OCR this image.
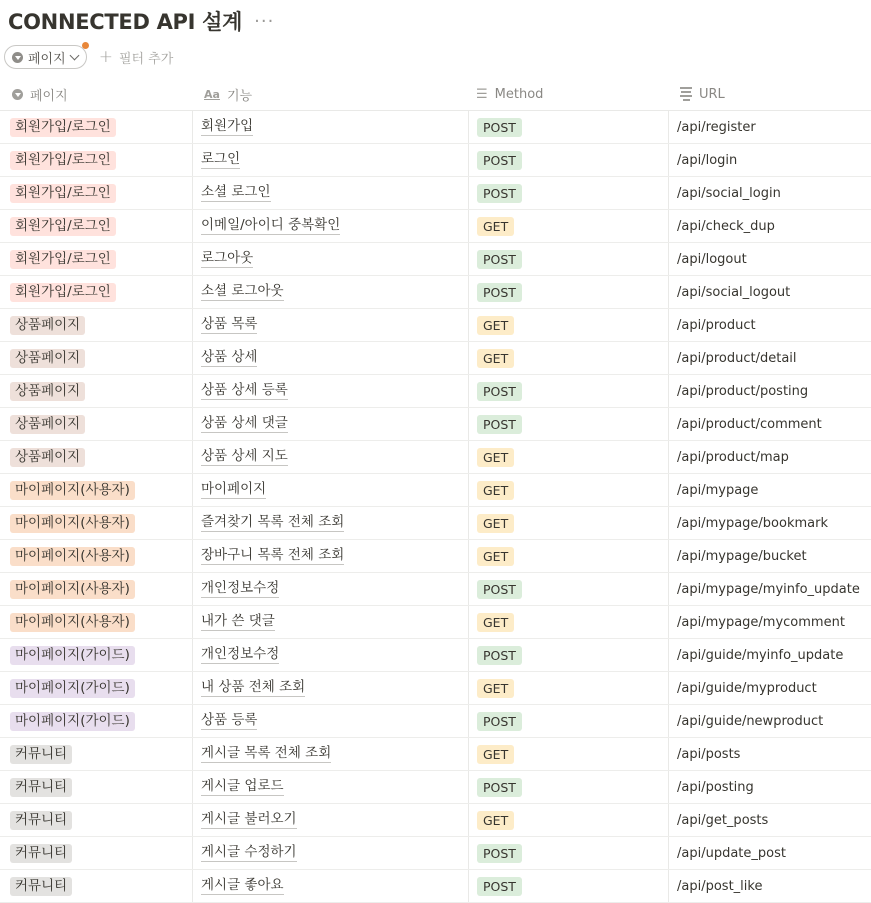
CONNECTED API 설계 ···
페이지 + 필터 추가
페이지	Aa 기능	☰ Method	URL
회원가입/로그인	회원가입	POST	/api/register
회원가입/로그인	로그인	POST	/api/login
회원가입/로그인	소셜 로그인	POST	/api/social_login
회원가입/로그인	이메일/아이디 중복확인	GET	/api/check_dup
회원가입/로그인	로그아웃	POST	/api/logout
회원가입/로그인	소셜 로그아웃	POST	/api/social_logout
상품페이지	상품 목록	GET	/api/product
상품페이지	상품 상세	GET	/api/product/detail
상품페이지	상품 상세 등록	POST	/api/product/posting
상품페이지	상품 상세 댓글	POST	/api/product/comment
상품페이지	상품 상세 지도	GET	/api/product/map
마이페이지(사용자)	마이페이지	GET	/api/mypage
마이페이지(사용자)	즐겨찾기 목록 전체 조회	GET	/api/mypage/bookmark
마이페이지(사용자)	장바구니 목록 전체 조회	GET	/api/mypage/bucket
마이페이지(사용자)	개인정보수정	POST	/api/mypage/myinfo_update
마이페이지(사용자)	내가 쓴 댓글	GET	/api/mypage/mycomment
마이페이지(가이드)	개인정보수정	POST	/api/guide/myinfo_update
마이페이지(가이드)	내 상품 전체 조회	GET	/api/guide/myproduct
마이페이지(가이드)	상품 등록	POST	/api/guide/newproduct
커뮤니티	게시글 목록 전체 조회	GET	/api/posts
커뮤니티	게시글 업로드	POST	/api/posting
커뮤니티	게시글 불러오기	GET	/api/get_posts
커뮤니티	게시글 수정하기	POST	/api/update_post
커뮤니티	게시글 좋아요	POST	/api/post_like
